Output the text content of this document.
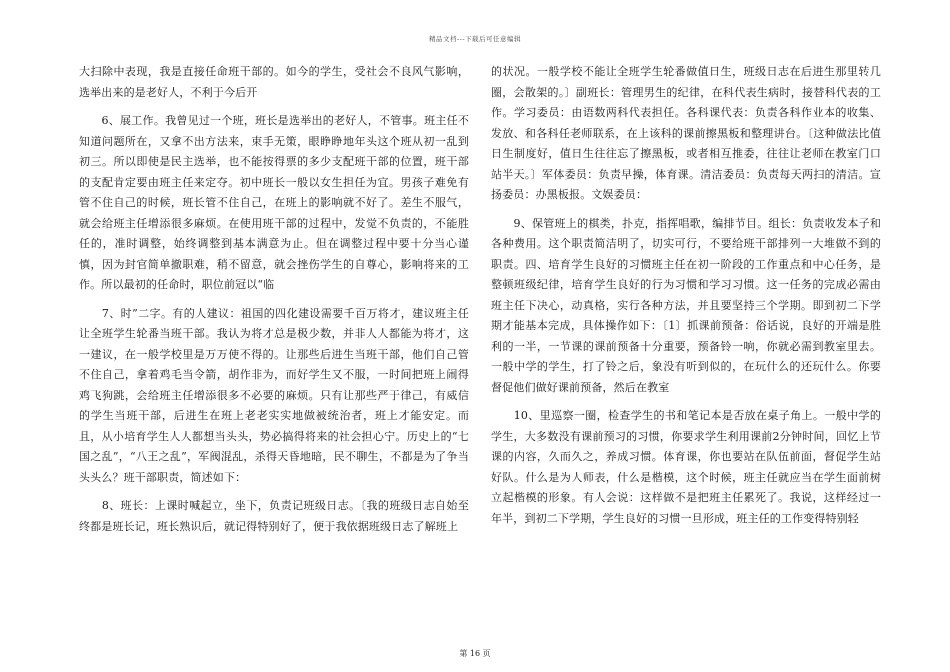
精品文档---下载后可任意编辑

大扫除中表现，我是直接任命班干部的。如今的学生，受社会不良风气影响，选举出来的是老好人，不利于今后开

　　6、展工作。我曾见过一个班，班长是选举出的老好人，不管事。班主任不知道问题所在，又拿不出方法来，束手无策，眼睁睁地年头这个班从初一乱到初三。所以即使是民主选举，也不能按得票的多少支配班干部的位置，班干部的支配肯定要由班主任来定夺。初中班长一般以女生担任为宜。男孩子难免有管不住自己的时候，班长管不住自己，在班上的影响就不好了。差生不服气，就会给班主任增添很多麻烦。在使用班干部的过程中，发觉不负责的，不能胜任的，准时调整，始终调整到基本满意为止。但在调整过程中要十分当心谨慎，因为封官简单撤职难，稍不留意，就会挫伤学生的自尊心，影响将来的工作。所以最初的任命时，职位前冠以“临

　　7、时”二字。有的人建议：祖国的四化建设需要千百万将才，建议班主任让全班学生轮番当班干部。我认为将才总是极少数，并非人人都能为将才，这一建议，在一般学校里是万万使不得的。让那些后进生当班干部，他们自己管不住自己，拿着鸡毛当令箭，胡作非为，而好学生又不服，一时间把班上闹得鸡飞狗跳，会给班主任增添很多不必要的麻烦。只有让那些严于律己，有威信的学生当班干部，后进生在班上老老实实地做被统治者，班上才能安定。而且，从小培育学生人人都想当头头，势必搞得将来的社会担心宁。历史上的“七国之乱”，“八王之乱”，军阀混乱，杀得天昏地暗，民不聊生，不都是为了争当头头么？班干部职责，简述如下：

　　8、班长：上课时喊起立，坐下，负责记班级日志。〔我的班级日志自始至终都是班长记，班长熟识后，就记得特别好了，便于我依据班级日志了解班上

的状况。一般学校不能让全班学生轮番做值日生，班级日志在后进生那里转几圈，会散架的。〕副班长：管理男生的纪律，在科代表生病时，接替科代表的工作。学习委员：由语数两科代表担任。各科课代表：负责各科作业本的收集、发放、和各科任老师联系，在上该科的课前擦黑板和整理讲台。〔这种做法比值日生制度好，值日生往往忘了擦黑板，或者相互推委，往往让老师在教室门口站半天。〕军体委员：负责早操，体育课。清洁委员：负责每天两扫的清洁。宣扬委员：办黑板报。文娱委员：

　　9、保管班上的棋类，扑克，指挥唱歌，编排节目。组长：负责收发本子和各种费用。这个职责简洁明了，切实可行，不要给班干部排列一大堆做不到的职责。四、培育学生良好的习惯班主任在初一阶段的工作重点和中心任务，是整顿班级纪律，培育学生良好的行为习惯和学习习惯。这一任务的完成必需由班主任下决心，动真格，实行各种方法，并且要坚持三个学期。即到初二下学期才能基本完成，具体操作如下：〔1〕抓课前预备：俗话说，良好的开端是胜利的一半，一节课的课前预备十分重要，预备铃一响，你就必需到教室里去。一般中学的学生，打了铃之后，象没有听到似的，在玩什么的还玩什么。你要督促他们做好课前预备，然后在教室

　　10、里巡察一圈，检查学生的书和笔记本是否放在桌子角上。一般中学的学生，大多数没有课前预习的习惯，你要求学生利用课前2分钟时间，回忆上节课的内容，久而久之，养成习惯。体育课，你也要站在队伍前面，督促学生站好队。什么是为人师表，什么是楷模，这个时候，班主任就应当在学生面前树立起楷模的形象。有人会说：这样做不是把班主任累死了。我说，这样经过一年半，到初二下学期，学生良好的习惯一旦形成，班主任的工作变得特别轻

第 16 页
